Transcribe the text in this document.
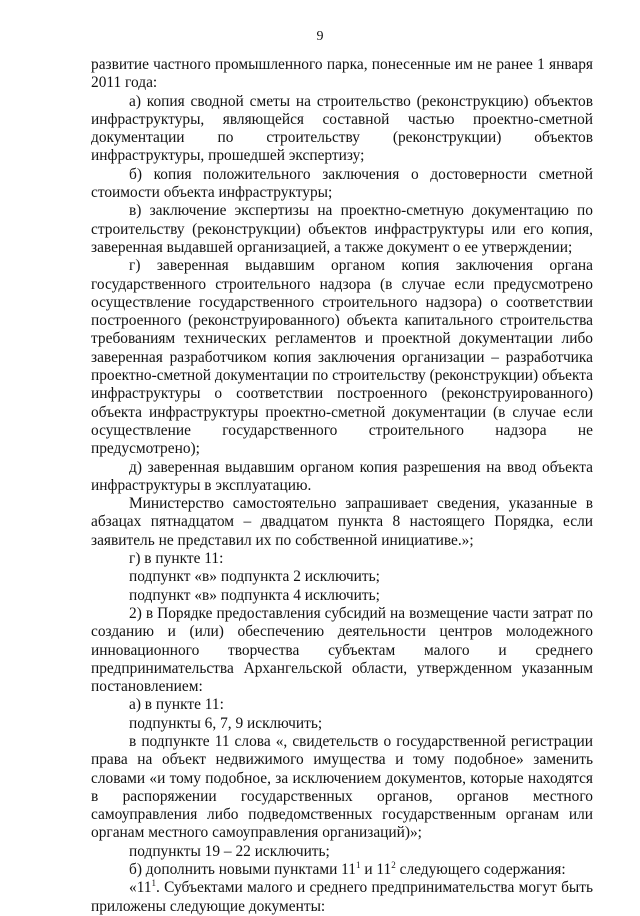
9

развитие частного промышленного парка, понесенные им не ранее 1 января 2011 года:

а) копия сводной сметы на строительство (реконструкцию) объектов инфраструктуры, являющейся составной частью проектно-сметной документации по строительству (реконструкции) объектов инфраструктуры, прошедшей экспертизу;

б) копия положительного заключения о достоверности сметной стоимости объекта инфраструктуры;

в) заключение экспертизы на проектно-сметную документацию по строительству (реконструкции) объектов инфраструктуры или его копия, заверенная выдавшей организацией, а также документ о ее утверждении;

г) заверенная выдавшим органом копия заключения органа государственного строительного надзора (в случае если предусмотрено осуществление государственного строительного надзора) о соответствии построенного (реконструированного) объекта капитального строительства требованиям технических регламентов и проектной документации либо заверенная разработчиком копия заключения организации – разработчика проектно-сметной документации по строительству (реконструкции) объекта инфраструктуры о соответствии построенного (реконструированного) объекта инфраструктуры проектно-сметной документации (в случае если осуществление государственного строительного надзора не предусмотрено);

д) заверенная выдавшим органом копия разрешения на ввод объекта инфраструктуры в эксплуатацию.

Министерство самостоятельно запрашивает сведения, указанные в абзацах пятнадцатом – двадцатом пункта 8 настоящего Порядка, если заявитель не представил их по собственной инициативе.»;

г) в пункте 11:

подпункт «в» подпункта 2 исключить;

подпункт «в» подпункта 4 исключить;

2) в Порядке предоставления субсидий на возмещение части затрат по созданию и (или) обеспечению деятельности центров молодежного инновационного творчества субъектам малого и среднего предпринимательства Архангельской области, утвержденном указанным постановлением:

а) в пункте 11:

подпункты 6, 7, 9 исключить;

в подпункте 11 слова «, свидетельств о государственной регистрации права на объект недвижимого имущества и тому подобное» заменить словами «и тому подобное, за исключением документов, которые находятся в распоряжении государственных органов, органов местного самоуправления либо подведомственных государственным органам или органам местного самоуправления организаций)»;

подпункты 19 – 22 исключить;

б) дополнить новыми пунктами $11^1$ и $11^2$ следующего содержания:

«$11^1$. Субъектами малого и среднего предпринимательства могут быть приложены следующие документы:
